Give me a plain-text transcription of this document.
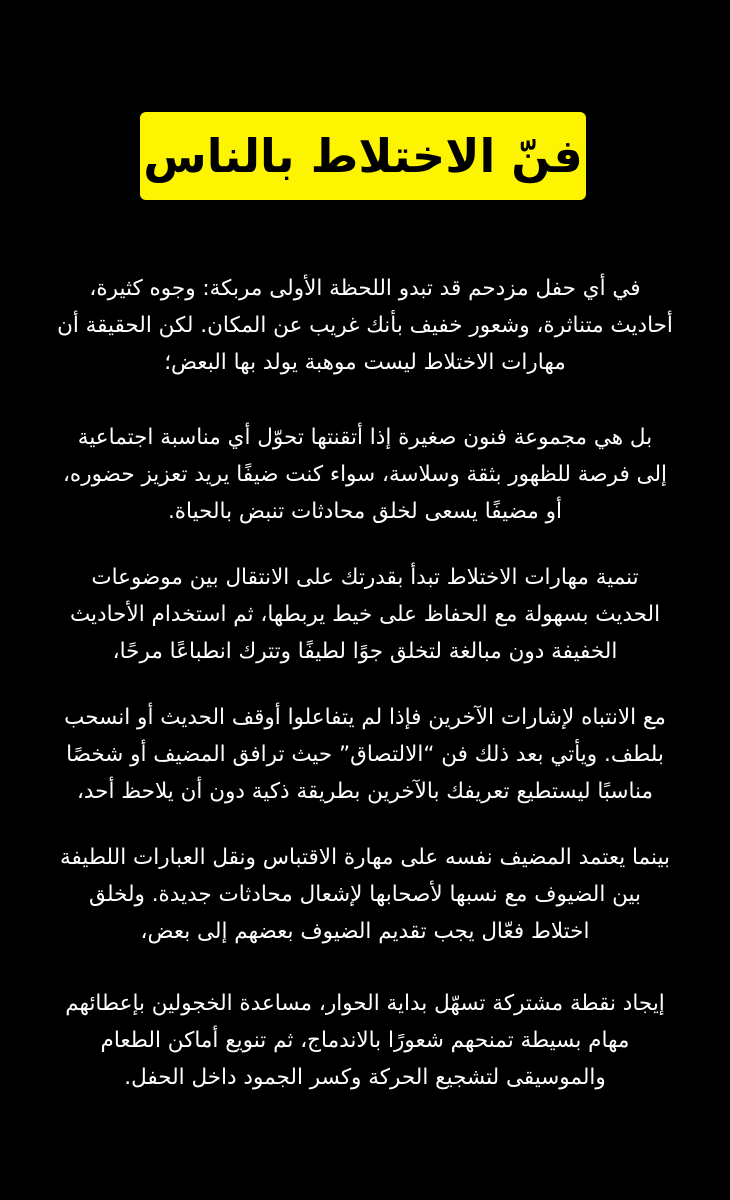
فنّ الاختلاط بالناس
في أي حفل مزدحم قد تبدو اللحظة الأولى مربكة: وجوه كثيرة،
أحاديث متناثرة، وشعور خفيف بأنك غريب عن المكان. لكن الحقيقة أن
مهارات الاختلاط ليست موهبة يولد بها البعض؛
بل هي مجموعة فنون صغيرة إذا أتقنتها تحوّل أي مناسبة اجتماعية
إلى فرصة للظهور بثقة وسلاسة، سواء كنت ضيفًا يريد تعزيز حضوره،
أو مضيفًا يسعى لخلق محادثات تنبض بالحياة.
تنمية مهارات الاختلاط تبدأ بقدرتك على الانتقال بين موضوعات
الحديث بسهولة مع الحفاظ على خيط يربطها، ثم استخدام الأحاديث
الخفيفة دون مبالغة لتخلق جوًا لطيفًا وتترك انطباعًا مرحًا،
مع الانتباه لإشارات الآخرين فإذا لم يتفاعلوا أوقف الحديث أو انسحب
بلطف. ويأتي بعد ذلك فن “الالتصاق” حيث ترافق المضيف أو شخصًا
مناسبًا ليستطيع تعريفك بالآخرين بطريقة ذكية دون أن يلاحظ أحد،
بينما يعتمد المضيف نفسه على مهارة الاقتباس ونقل العبارات اللطيفة
بين الضيوف مع نسبها لأصحابها لإشعال محادثات جديدة. ولخلق
اختلاط فعّال يجب تقديم الضيوف بعضهم إلى بعض،
إيجاد نقطة مشتركة تسهّل بداية الحوار، مساعدة الخجولين بإعطائهم
مهام بسيطة تمنحهم شعورًا بالاندماج، ثم تنويع أماكن الطعام
والموسيقى لتشجيع الحركة وكسر الجمود داخل الحفل.
